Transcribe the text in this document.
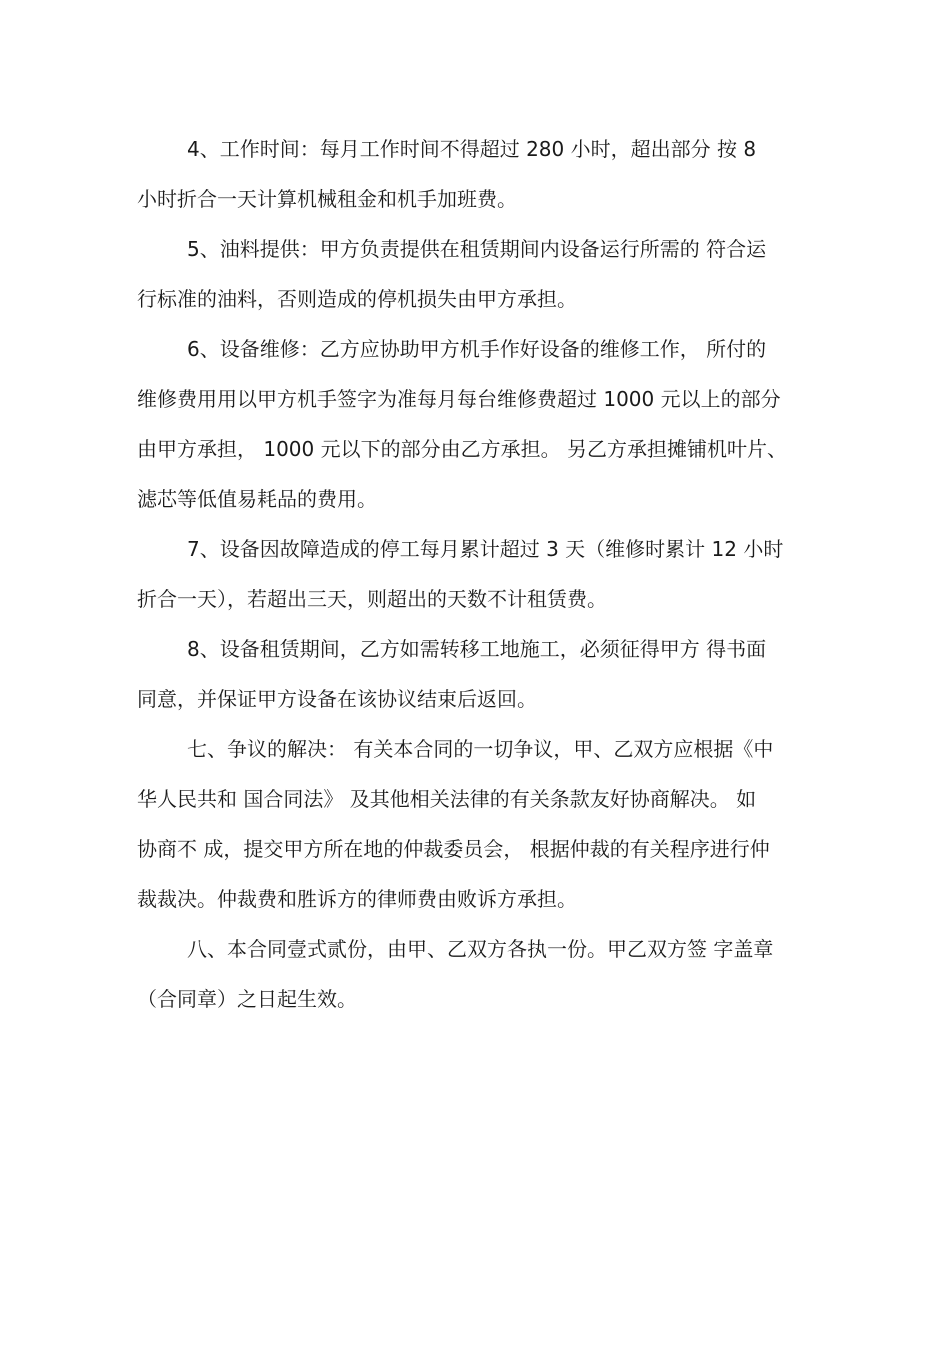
4、工作时间：每月工作时间不得超过 280 小时，超出部分 按 8
小时折合一天计算机械租金和机手加班费。
5、油料提供：甲方负责提供在租赁期间内设备运行所需的 符合运
行标准的油料，否则造成的停机损失由甲方承担。
6、设备维修：乙方应协助甲方机手作好设备的维修工作， 所付的
维修费用用以甲方机手签字为准每月每台维修费超过 1000 元以上的部分
由甲方承担， 1000 元以下的部分由乙方承担。 另乙方承担摊铺机叶片、
滤芯等低值易耗品的费用。
7、设备因故障造成的停工每月累计超过 3 天（维修时累计 12 小时
折合一天），若超出三天，则超出的天数不计租赁费。
8、设备租赁期间，乙方如需转移工地施工，必须征得甲方 得书面
同意，并保证甲方设备在该协议结束后返回。
七、争议的解决： 有关本合同的一切争议，甲、乙双方应根据《中
华人民共和 国合同法》 及其他相关法律的有关条款友好协商解决。 如
协商不 成，提交甲方所在地的仲裁委员会， 根据仲裁的有关程序进行仲
裁裁决。仲裁费和胜诉方的律师费由败诉方承担。
八、本合同壹式贰份，由甲、乙双方各执一份。甲乙双方签 字盖章
（合同章）之日起生效。
